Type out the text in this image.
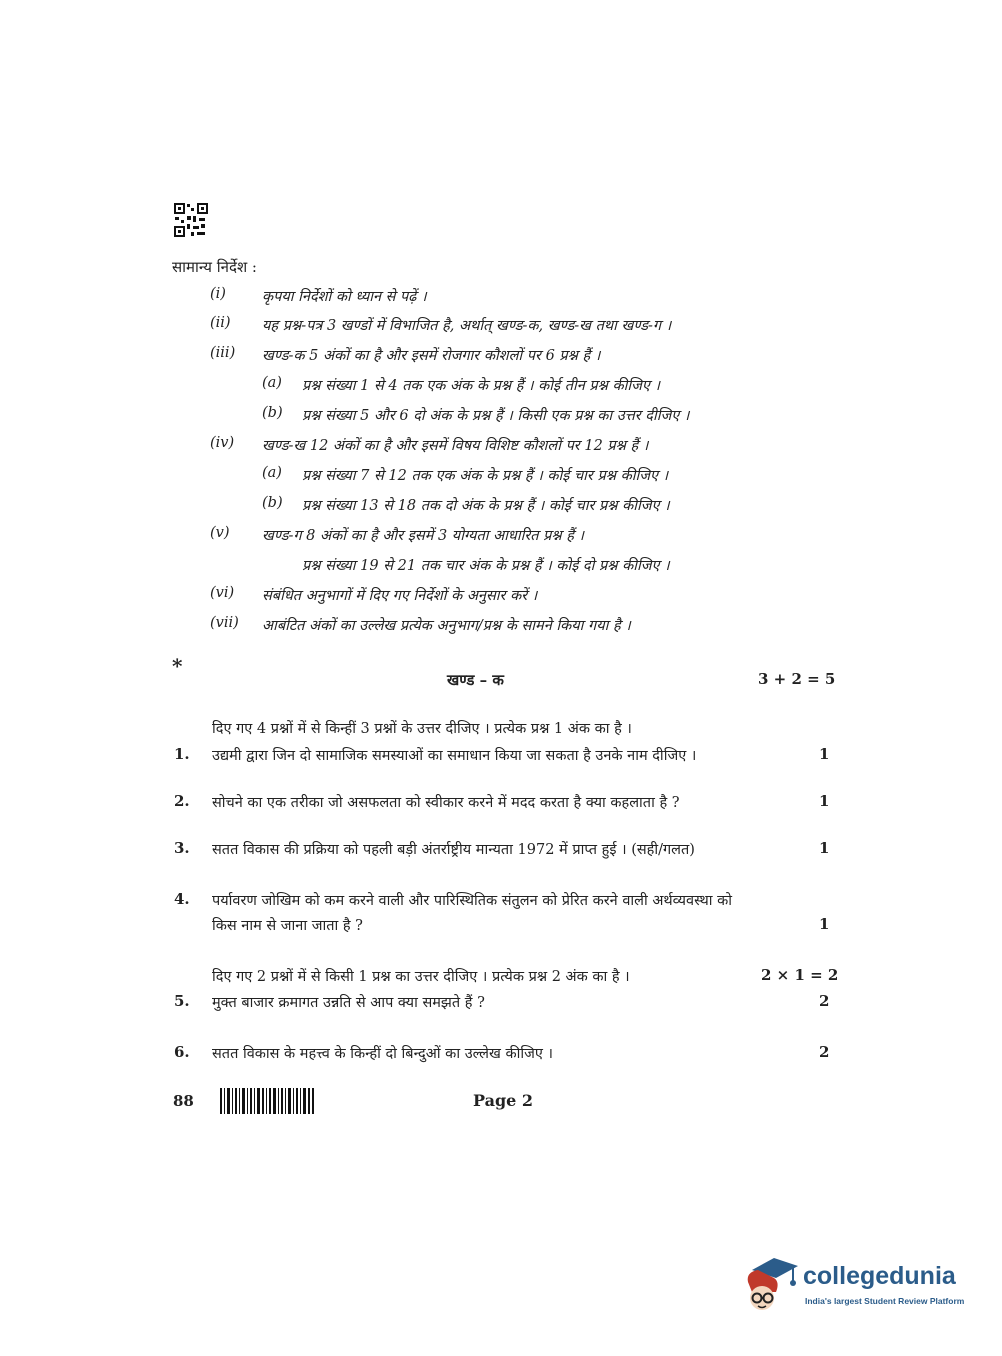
सामान्य निर्देश :
(i) कृपया निर्देशों को ध्यान से पढ़ें ।
(ii) यह प्रश्न-पत्र 3 खण्डों में विभाजित है, अर्थात् खण्ड-क, खण्ड-ख तथा खण्ड-ग ।
(iii) खण्ड-क 5 अंकों का है और इसमें रोजगार कौशलों पर 6 प्रश्न हैं ।
(a) प्रश्न संख्या 1 से 4 तक एक अंक के प्रश्न हैं । कोई तीन प्रश्न कीजिए ।
(b) प्रश्न संख्या 5 और 6 दो अंक के प्रश्न हैं । किसी एक प्रश्न का उत्तर दीजिए ।
(iv) खण्ड-ख 12 अंकों का है और इसमें विषय विशिष्ट कौशलों पर 12 प्रश्न हैं ।
(a) प्रश्न संख्या 7 से 12 तक एक अंक के प्रश्न हैं । कोई चार प्रश्न कीजिए ।
(b) प्रश्न संख्या 13 से 18 तक दो अंक के प्रश्न हैं । कोई चार प्रश्न कीजिए ।
(v) खण्ड-ग 8 अंकों का है और इसमें 3 योग्यता आधारित प्रश्न हैं ।
प्रश्न संख्या 19 से 21 तक चार अंक के प्रश्न हैं । कोई दो प्रश्न कीजिए ।
(vi) संबंधित अनुभागों में दिए गए निर्देशों के अनुसार करें ।
(vii) आबंटित अंकों का उल्लेख प्रत्येक अनुभाग/प्रश्न के सामने किया गया है ।
*
खण्ड – क	3 + 2 = 5
दिए गए 4 प्रश्नों में से किन्हीं 3 प्रश्नों के उत्तर दीजिए । प्रत्येक प्रश्न 1 अंक का है ।
1. उद्यमी द्वारा जिन दो सामाजिक समस्याओं का समाधान किया जा सकता है उनके नाम दीजिए ।	1
2. सोचने का एक तरीका जो असफलता को स्वीकार करने में मदद करता है क्या कहलाता है ?	1
3. सतत विकास की प्रक्रिया को पहली बड़ी अंतर्राष्ट्रीय मान्यता 1972 में प्राप्त हुई । (सही/गलत)	1
4. पर्यावरण जोखिम को कम करने वाली और पारिस्थितिक संतुलन को प्रेरित करने वाली अर्थव्यवस्था को
किस नाम से जाना जाता है ?	1
दिए गए 2 प्रश्नों में से किसी 1 प्रश्न का उत्तर दीजिए । प्रत्येक प्रश्न 2 अंक का है ।	2 × 1 = 2
5. मुक्त बाजार क्रमागत उन्नति से आप क्या समझते हैं ?	2
6. सतत विकास के महत्त्व के किन्हीं दो बिन्दुओं का उल्लेख कीजिए ।	2
88	Page 2
collegedunia
India's largest Student Review Platform
